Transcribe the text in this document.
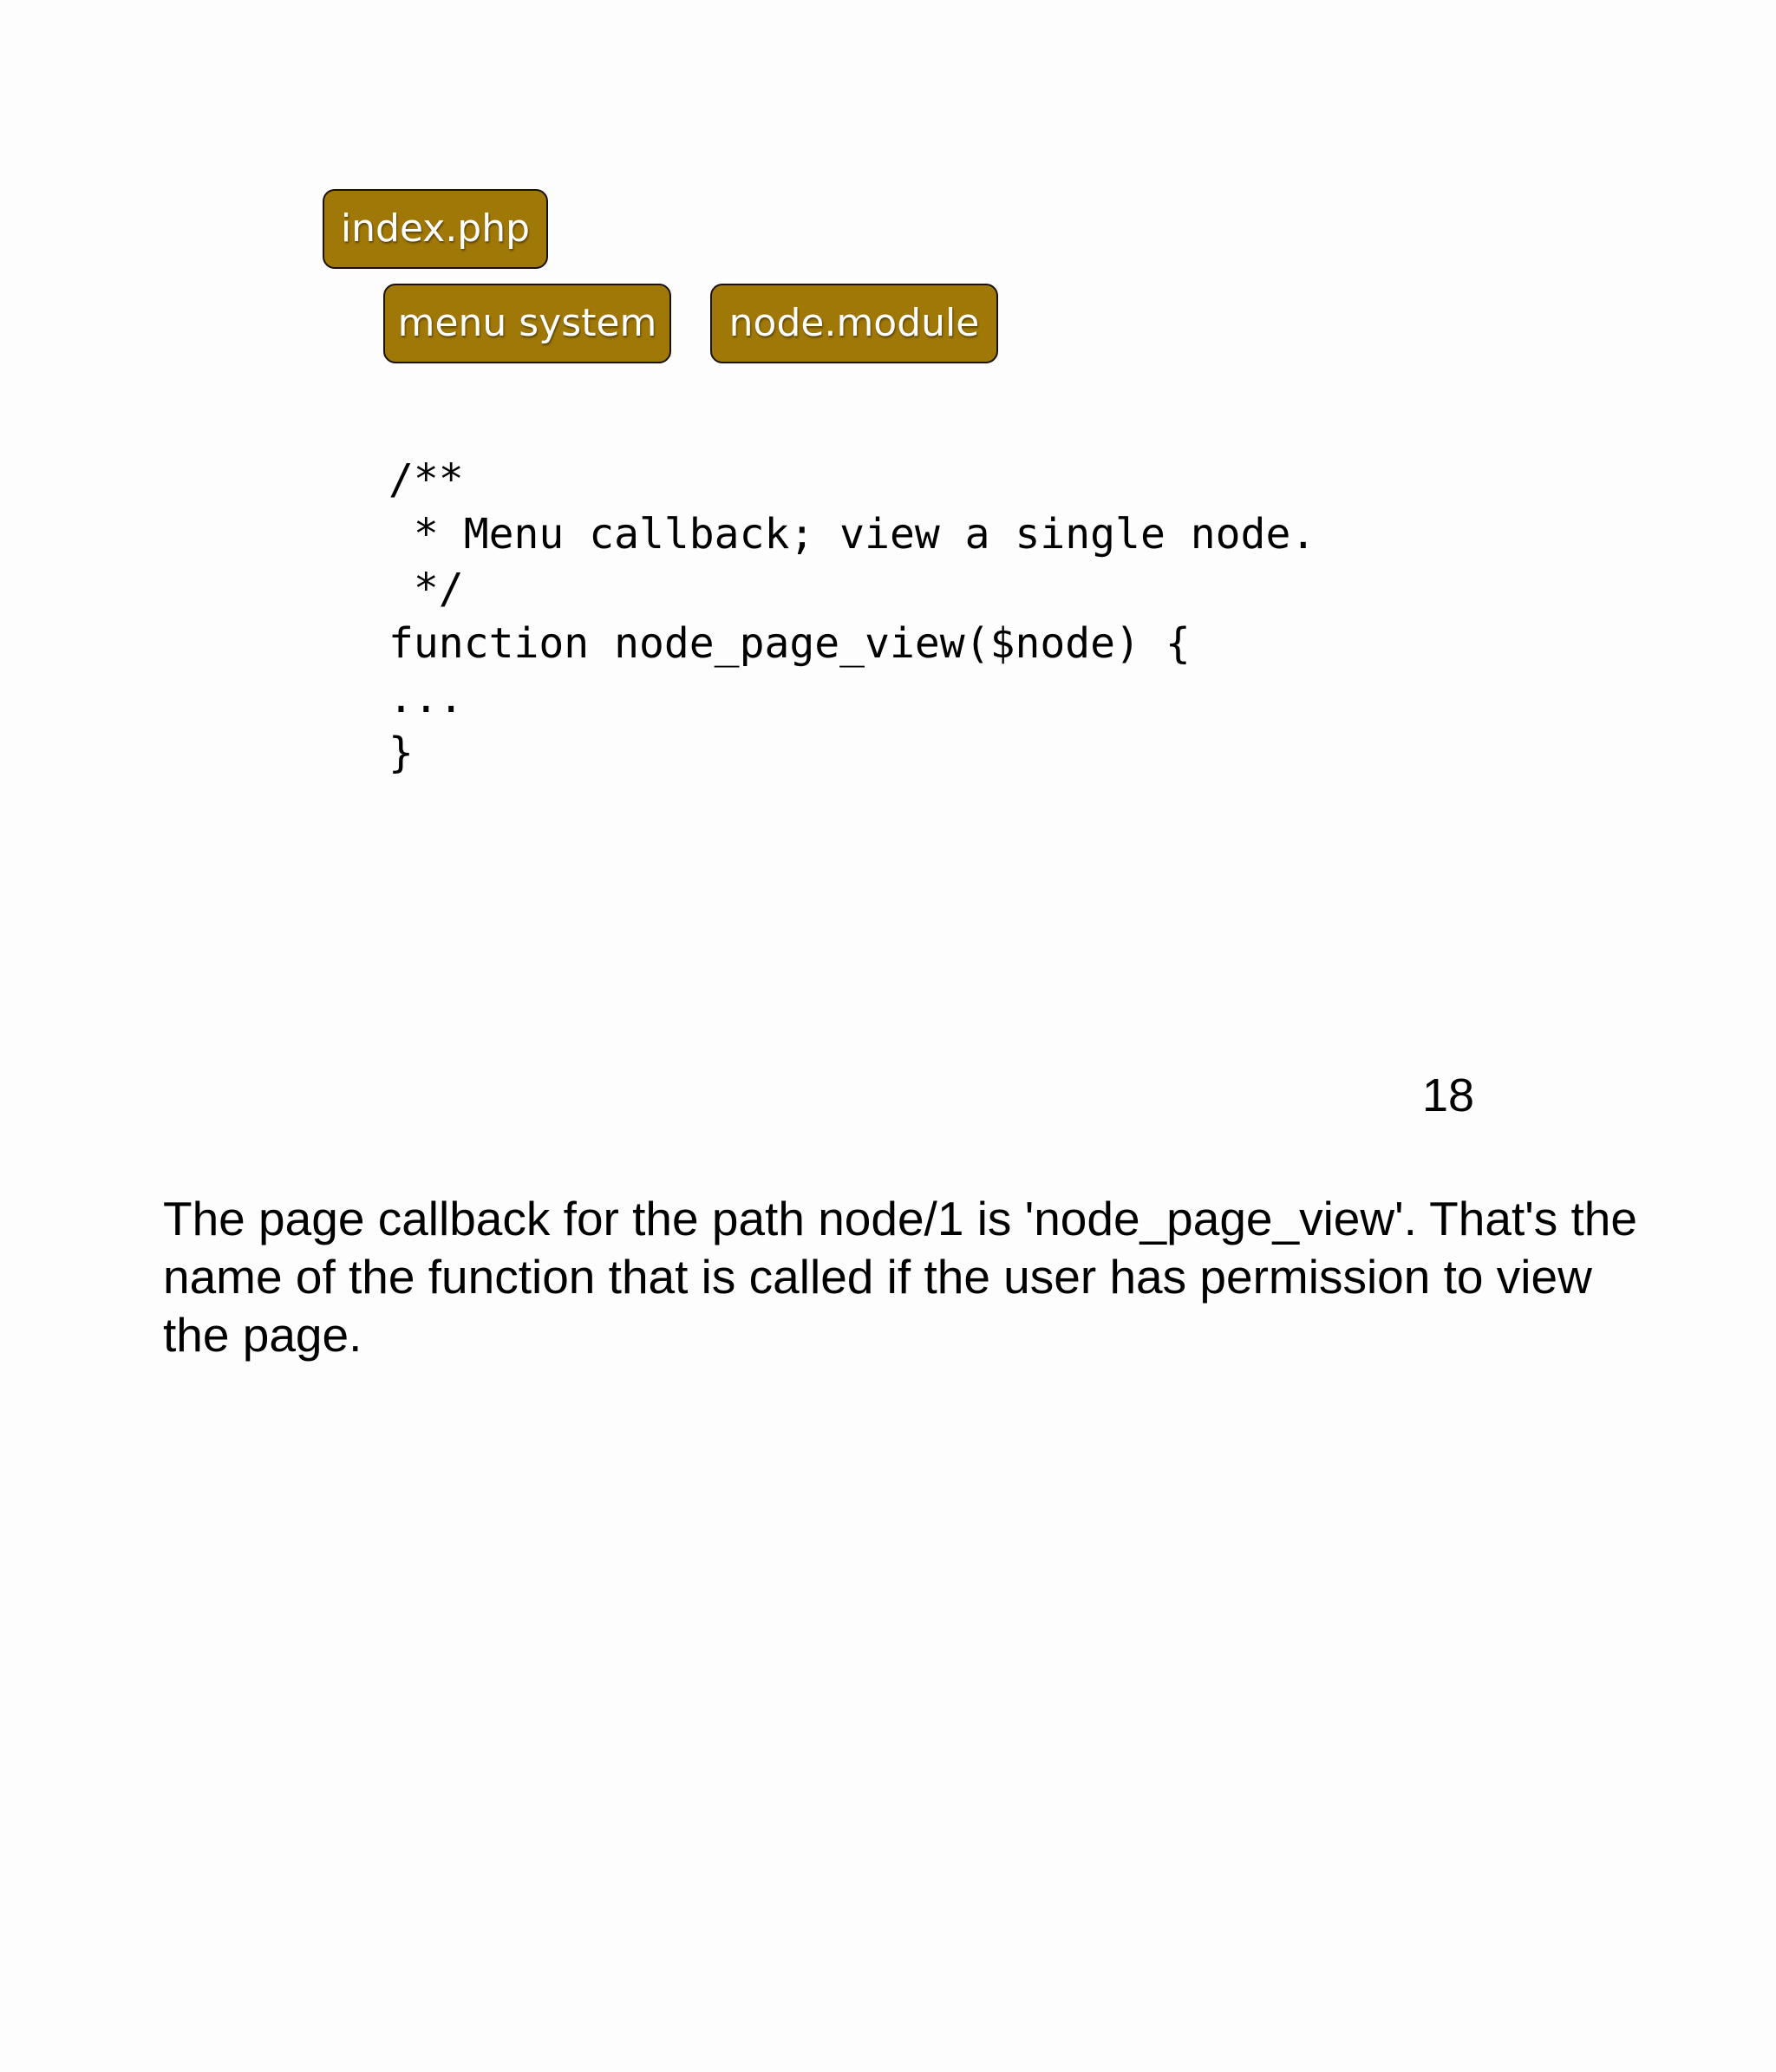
index.php
menu system	node.module
/**
* Menu callback; view a single node.
*/
function node_page_view($node) {
...
}
18
The page callback for the path node/1 is 'node_page_view'. That's the name of the function that is called if the user has permission to view the page.
